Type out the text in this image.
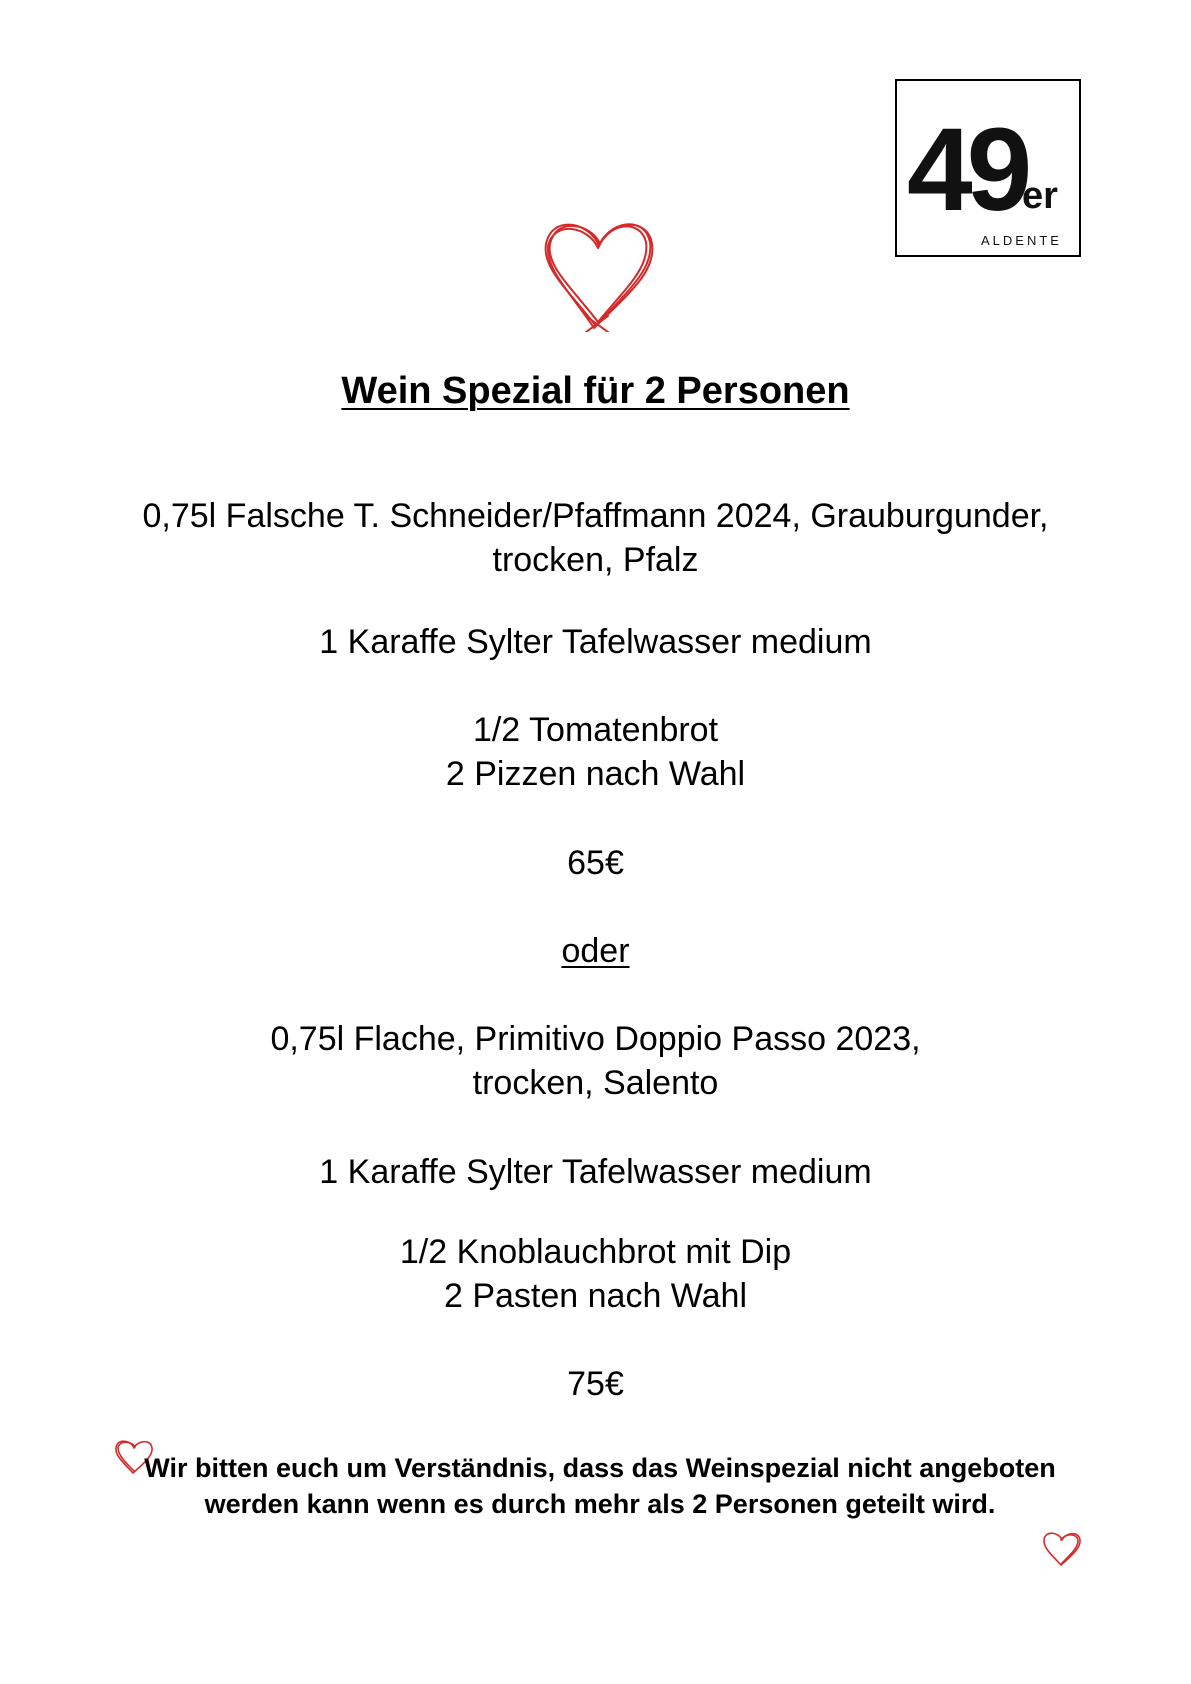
49
er
ALDENTE
Wein Spezial für 2 Personen
0,75l Falsche T. Schneider/Pfaffmann 2024, Grauburgunder,
trocken, Pfalz
1 Karaffe Sylter Tafelwasser medium
1/2 Tomatenbrot
2 Pizzen nach Wahl
65€
oder
0,75l Flache, Primitivo Doppio Passo 2023,
trocken, Salento
1 Karaffe Sylter Tafelwasser medium
1/2 Knoblauchbrot mit Dip
2 Pasten nach Wahl
75€
Wir bitten euch um Verständnis, dass das Weinspezial nicht angeboten werden kann wenn es durch mehr als 2 Personen geteilt wird.
